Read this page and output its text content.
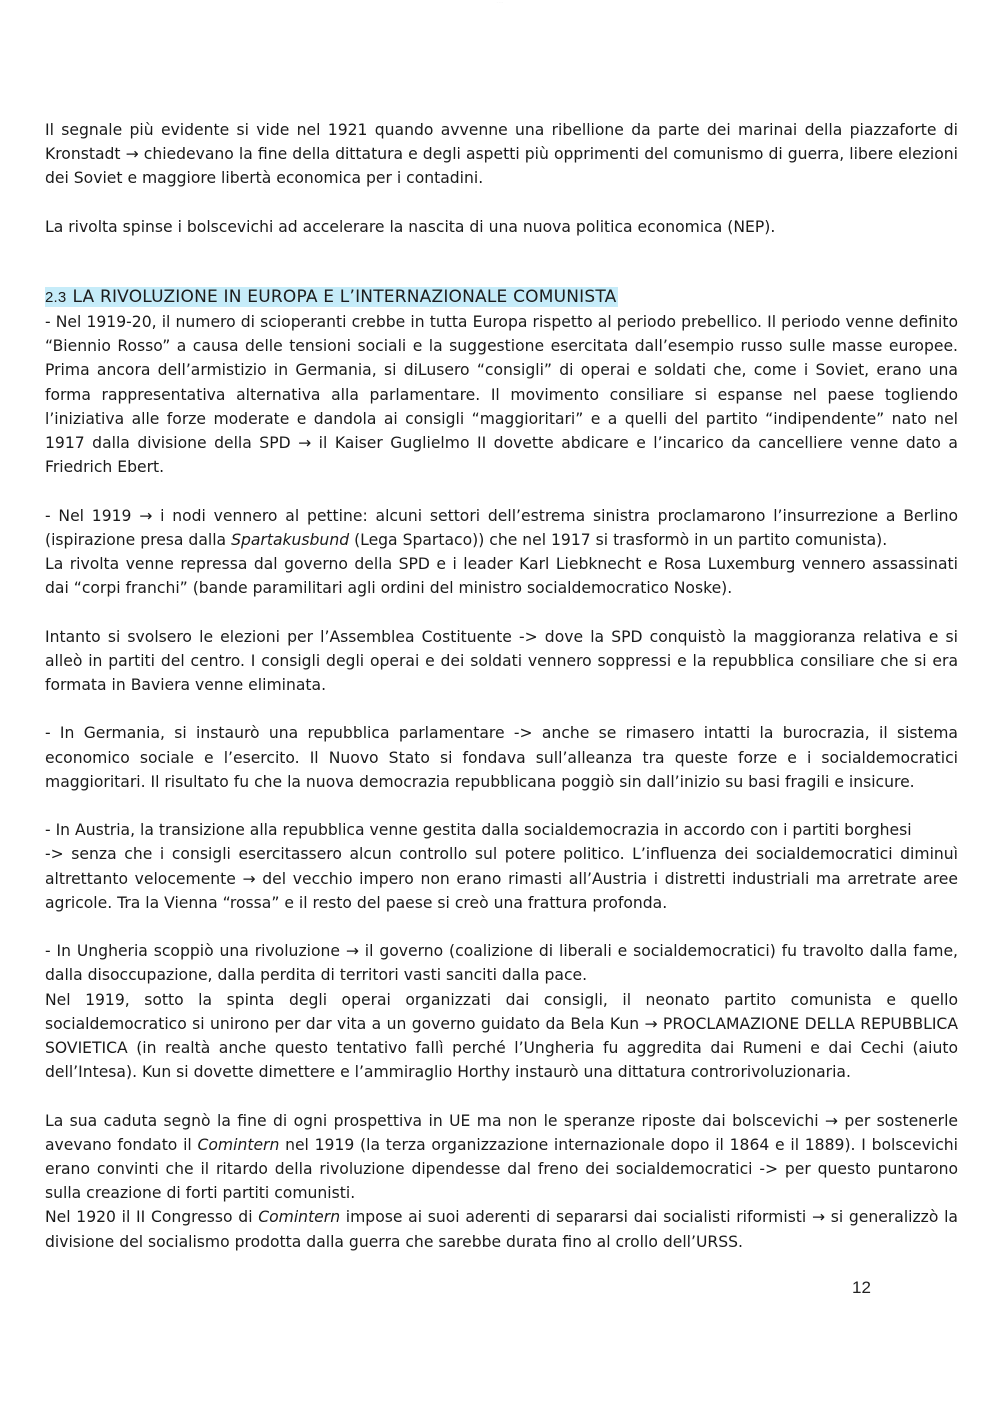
· · · ·

Il segnale più evidente si vide nel 1921 quando avvenne una ribellione da parte dei marinai della piazzaforte di Kronstadt → chiedevano la fine della dittatura e degli aspetti più opprimenti del comunismo di guerra, libere elezioni dei Soviet e maggiore libertà economica per i contadini.

La rivolta spinse i bolscevichi ad accelerare la nascita di una nuova politica economica (NEP).

2.3 LA RIVOLUZIONE IN EUROPA E L’INTERNAZIONALE COMUNISTA

- Nel 1919-20, il numero di scioperanti crebbe in tutta Europa rispetto al periodo prebellico. Il periodo venne definito “Biennio Rosso” a causa delle tensioni sociali e la suggestione esercitata dall’esempio russo sulle masse europee. Prima ancora dell’armistizio in Germania, si diLusero “consigli” di operai e soldati che, come i Soviet, erano una forma rappresentativa alternativa alla parlamentare. Il movimento consiliare si espanse nel paese togliendo l’iniziativa alle forze moderate e dandola ai consigli “maggioritari” e a quelli del partito “indipendente” nato nel 1917 dalla divisione della SPD → il Kaiser Guglielmo II dovette abdicare e l’incarico da cancelliere venne dato a Friedrich Ebert.

- Nel 1919 → i nodi vennero al pettine: alcuni settori dell’estrema sinistra proclamarono l’insurrezione a Berlino (ispirazione presa dalla Spartakusbund (Lega Spartaco)) che nel 1917 si trasformò in un partito comunista).

La rivolta venne repressa dal governo della SPD e i leader Karl Liebknecht e Rosa Luxemburg vennero assassinati dai “corpi franchi” (bande paramilitari agli ordini del ministro socialdemocratico Noske).

Intanto si svolsero le elezioni per l’Assemblea Costituente -> dove la SPD conquistò la maggioranza relativa e si alleò in partiti del centro. I consigli degli operai e dei soldati vennero soppressi e la repubblica consiliare che si era formata in Baviera venne eliminata.

- In Germania, si instaurò una repubblica parlamentare -> anche se rimasero intatti la burocrazia, il sistema economico sociale e l’esercito. Il Nuovo Stato si fondava sull’alleanza tra queste forze e i socialdemocratici maggioritari. Il risultato fu che la nuova democrazia repubblicana poggiò sin dall’inizio su basi fragili e insicure.

- In Austria, la transizione alla repubblica venne gestita dalla socialdemocrazia in accordo con i partiti borghesi

-> senza che i consigli esercitassero alcun controllo sul potere politico. L’influenza dei socialdemocratici diminuì altrettanto velocemente → del vecchio impero non erano rimasti all’Austria i distretti industriali ma arretrate aree agricole. Tra la Vienna “rossa” e il resto del paese si creò una frattura profonda.

- In Ungheria scoppiò una rivoluzione → il governo (coalizione di liberali e socialdemocratici) fu travolto dalla fame, dalla disoccupazione, dalla perdita di territori vasti sanciti dalla pace.

Nel 1919, sotto la spinta degli operai organizzati dai consigli, il neonato partito comunista e quello socialdemocratico si unirono per dar vita a un governo guidato da Bela Kun → PROCLAMAZIONE DELLA REPUBBLICA SOVIETICA (in realtà anche questo tentativo fallì perché l’Ungheria fu aggredita dai Rumeni e dai Cechi (aiuto dell’Intesa). Kun si dovette dimettere e l’ammiraglio Horthy instaurò una dittatura controrivoluzionaria.

La sua caduta segnò la fine di ogni prospettiva in UE ma non le speranze riposte dai bolscevichi → per sostenerle avevano fondato il Comintern nel 1919 (la terza organizzazione internazionale dopo il 1864 e il 1889). I bolscevichi erano convinti che il ritardo della rivoluzione dipendesse dal freno dei socialdemocratici -> per questo puntarono sulla creazione di forti partiti comunisti.

Nel 1920 il II Congresso di Comintern impose ai suoi aderenti di separarsi dai socialisti riformisti → si generalizzò la divisione del socialismo prodotta dalla guerra che sarebbe durata fino al crollo dell’URSS.

12
